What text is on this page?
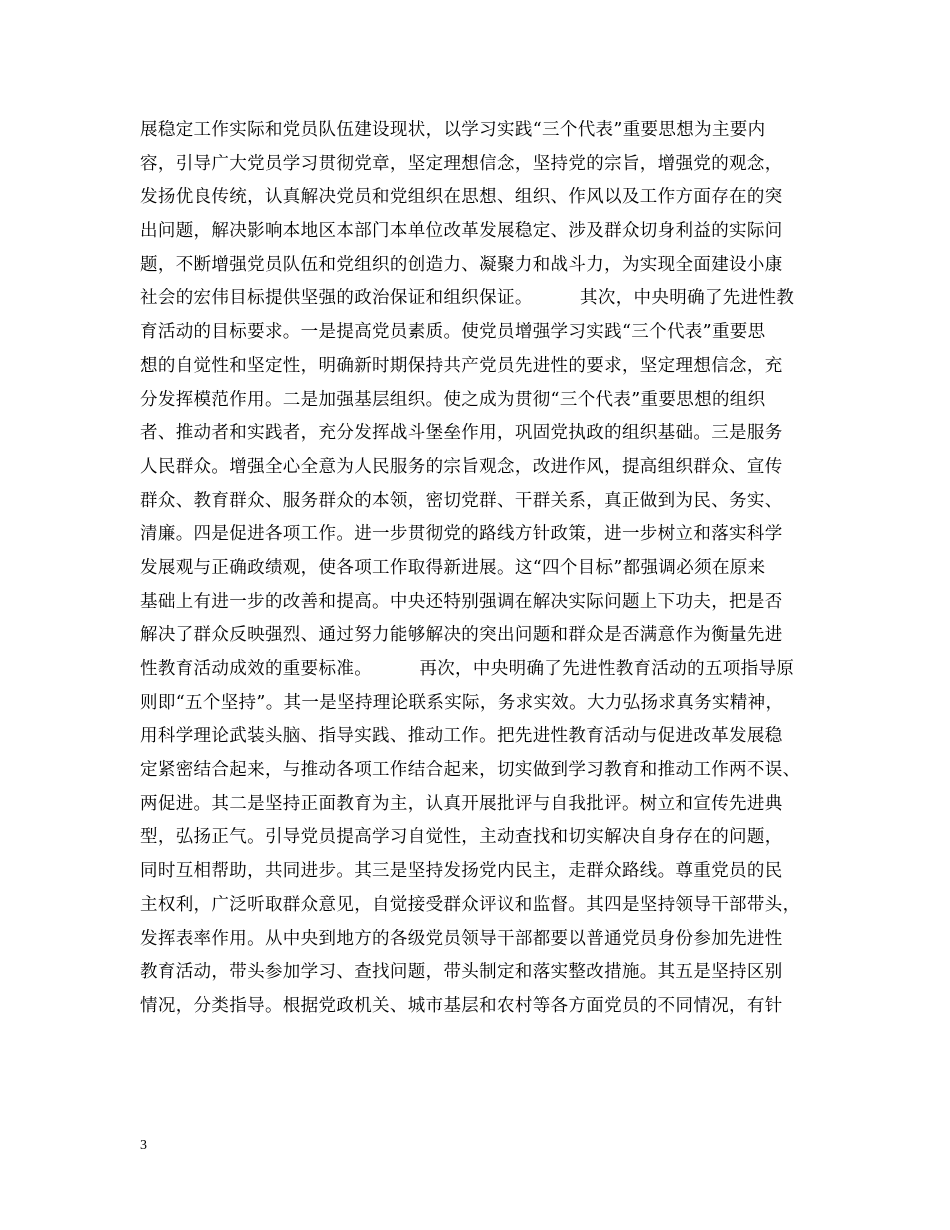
展稳定工作实际和党员队伍建设现状，以学习实践“三个代表”重要思想为主要内
容，引导广大党员学习贯彻党章，坚定理想信念，坚持党的宗旨，增强党的观念，
发扬优良传统，认真解决党员和党组织在思想、组织、作风以及工作方面存在的突
出问题，解决影响本地区本部门本单位改革发展稳定、涉及群众切身利益的实际问
题，不断增强党员队伍和党组织的创造力、凝聚力和战斗力，为实现全面建设小康
社会的宏伟目标提供坚强的政治保证和组织保证。        其次，中央明确了先进性教
育活动的目标要求。一是提高党员素质。使党员增强学习实践“三个代表”重要思
想的自觉性和坚定性，明确新时期保持共产党员先进性的要求，坚定理想信念，充
分发挥模范作用。二是加强基层组织。使之成为贯彻“三个代表”重要思想的组织
者、推动者和实践者，充分发挥战斗堡垒作用，巩固党执政的组织基础。三是服务
人民群众。增强全心全意为人民服务的宗旨观念，改进作风，提高组织群众、宣传
群众、教育群众、服务群众的本领，密切党群、干群关系，真正做到为民、务实、
清廉。四是促进各项工作。进一步贯彻党的路线方针政策，进一步树立和落实科学
发展观与正确政绩观，使各项工作取得新进展。这“四个目标”都强调必须在原来
基础上有进一步的改善和提高。中央还特别强调在解决实际问题上下功夫，把是否
解决了群众反映强烈、通过努力能够解决的突出问题和群众是否满意作为衡量先进
性教育活动成效的重要标准。        再次，中央明确了先进性教育活动的五项指导原
则即“五个坚持”。其一是坚持理论联系实际，务求实效。大力弘扬求真务实精神，
用科学理论武装头脑、指导实践、推动工作。把先进性教育活动与促进改革发展稳
定紧密结合起来，与推动各项工作结合起来，切实做到学习教育和推动工作两不误、
两促进。其二是坚持正面教育为主，认真开展批评与自我批评。树立和宣传先进典
型，弘扬正气。引导党员提高学习自觉性，主动查找和切实解决自身存在的问题，
同时互相帮助，共同进步。其三是坚持发扬党内民主，走群众路线。尊重党员的民
主权利，广泛听取群众意见，自觉接受群众评议和监督。其四是坚持领导干部带头，
发挥表率作用。从中央到地方的各级党员领导干部都要以普通党员身份参加先进性
教育活动，带头参加学习、查找问题，带头制定和落实整改措施。其五是坚持区别
情况，分类指导。根据党政机关、城市基层和农村等各方面党员的不同情况，有针
3
